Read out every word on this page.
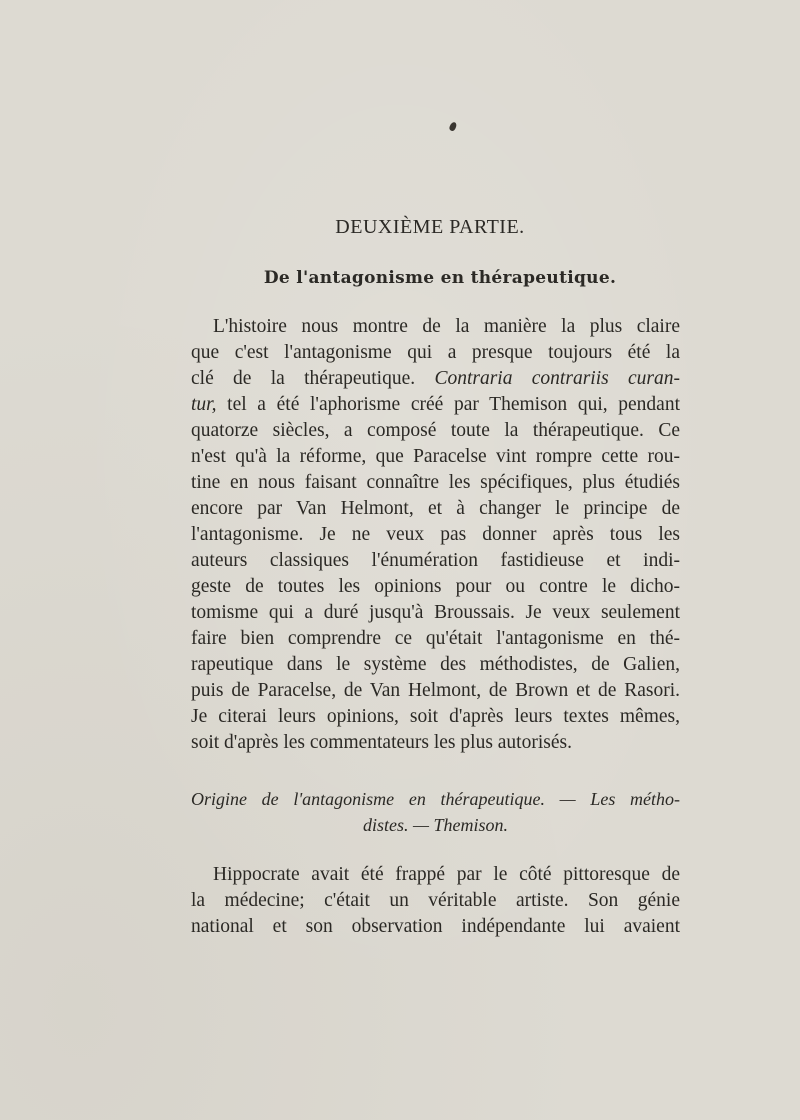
DEUXIÈME PARTIE.
De l'antagonisme en thérapeutique.
L'histoire nous montre de la manière la plus claire
que c'est l'antagonisme qui a presque toujours été la
clé de la thérapeutique. Contraria contrariis curan-
tur, tel a été l'aphorisme créé par Themison qui, pendant
quatorze siècles, a composé toute la thérapeutique. Ce
n'est qu'à la réforme, que Paracelse vint rompre cette rou-
tine en nous faisant connaître les spécifiques, plus étudiés
encore par Van Helmont, et à changer le principe de
l'antagonisme. Je ne veux pas donner après tous les
auteurs classiques l'énumération fastidieuse et indi-
geste de toutes les opinions pour ou contre le dicho-
tomisme qui a duré jusqu'à Broussais. Je veux seulement
faire bien comprendre ce qu'était l'antagonisme en thé-
rapeutique dans le système des méthodistes, de Galien,
puis de Paracelse, de Van Helmont, de Brown et de Rasori.
Je citerai leurs opinions, soit d'après leurs textes mêmes,
soit d'après les commentateurs les plus autorisés.
Origine de l'antagonisme en thérapeutique. — Les métho-
distes. — Themison.
Hippocrate avait été frappé par le côté pittoresque de
la médecine; c'était un véritable artiste. Son génie
national et son observation indépendante lui avaient
